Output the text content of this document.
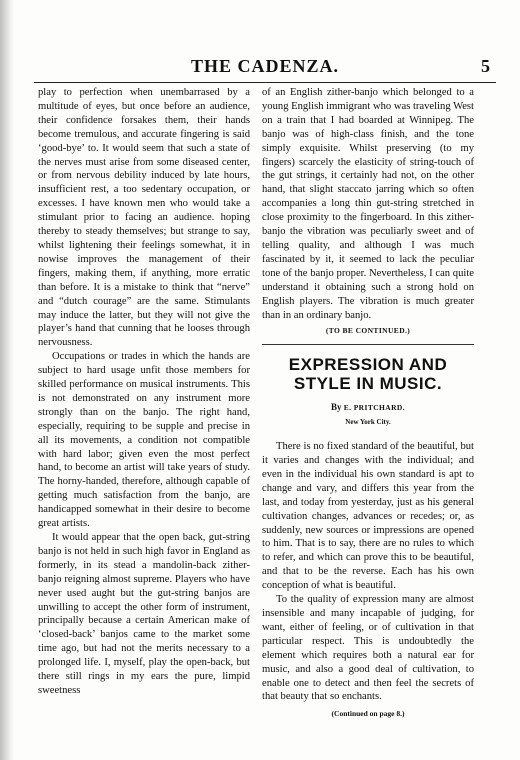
THE CADENZA.	5

play to perfection when unembarrased by a multitude of eyes, but once before an audience, their confidence forsakes them, their hands become tremulous, and accurate fingering is said ‘good-bye’ to. It would seem that such a state of the nerves must arise from some diseased center, or from nervous debility induced by late hours, insufficient rest, a too sedentary occupation, or excesses. I have known men who would take a stimulant prior to facing an audience. hoping thereby to steady themselves; but strange to say, whilst lightening their feelings somewhat, it in nowise improves the management of their fingers, making them, if anything, more erratic than before. It is a mistake to think that “nerve” and “dutch courage” are the same. Stimulants may induce the latter, but they will not give the player’s hand that cunning that he looses through nervousness.

Occupations or trades in which the hands are subject to hard usage unfit those members for skilled performance on musical instruments. This is not demonstrated on any instrument more strongly than on the banjo. The right hand, especially, requiring to be supple and precise in all its movements, a condition not compatible with hard labor; given even the most perfect hand, to become an artist will take years of study. The horny-handed, therefore, although capable of getting much satisfaction from the banjo, are handicapped somewhat in their desire to become great artists.

It would appear that the open back, gut-string banjo is not held in such high favor in England as formerly, in its stead a mandolin-back zither-banjo reigning almost supreme. Players who have never used aught but the gut-string banjos are unwilling to accept the other form of instrument, principally because a certain American make of ‘closed-back’ banjos came to the market some time ago, but had not the merits necessary to a prolonged life. I, myself, play the open-back, but there still rings in my ears the pure, limpid sweetness

of an English zither-banjo which belonged to a young English immigrant who was traveling West on a train that I had boarded at Winnipeg. The banjo was of high-class finish, and the tone simply exquisite. Whilst preserving (to my fingers) scarcely the elasticity of string-touch of the gut strings, it certainly had not, on the other hand, that slight staccato jarring which so often accompanies a long thin gut-string stretched in close proximity to the fingerboard. In this zither-banjo the vibration was peculiarly sweet and of telling quality, and although I was much fascinated by it, it seemed to lack the peculiar tone of the banjo proper. Nevertheless, I can quite understand it obtaining such a strong hold on English players. The vibration is much greater than in an ordinary banjo.

(TO BE CONTINUED.)
EXPRESSION AND STYLE IN MUSIC.
By E. PRITCHARD.
New York City.

There is no fixed standard of the beautiful, but it varies and changes with the individual; and even in the individual his own standard is apt to change and vary, and differs this year from the last, and today from yesterday, just as his general cultivation changes, advances or recedes; or, as suddenly, new sources or impressions are opened to him. That is to say, there are no rules to which to refer, and which can prove this to be beautiful, and that to be the reverse. Each has his own conception of what is beautiful.

To the quality of expression many are almost insensible and many incapable of judging, for want, either of feeling, or of cultivation in that particular respect. This is undoubtedly the element which requires both a natural ear for music, and also a good deal of cultivation, to enable one to detect and then feel the secrets of that beauty that so enchants.

(Continued on page 8.)
